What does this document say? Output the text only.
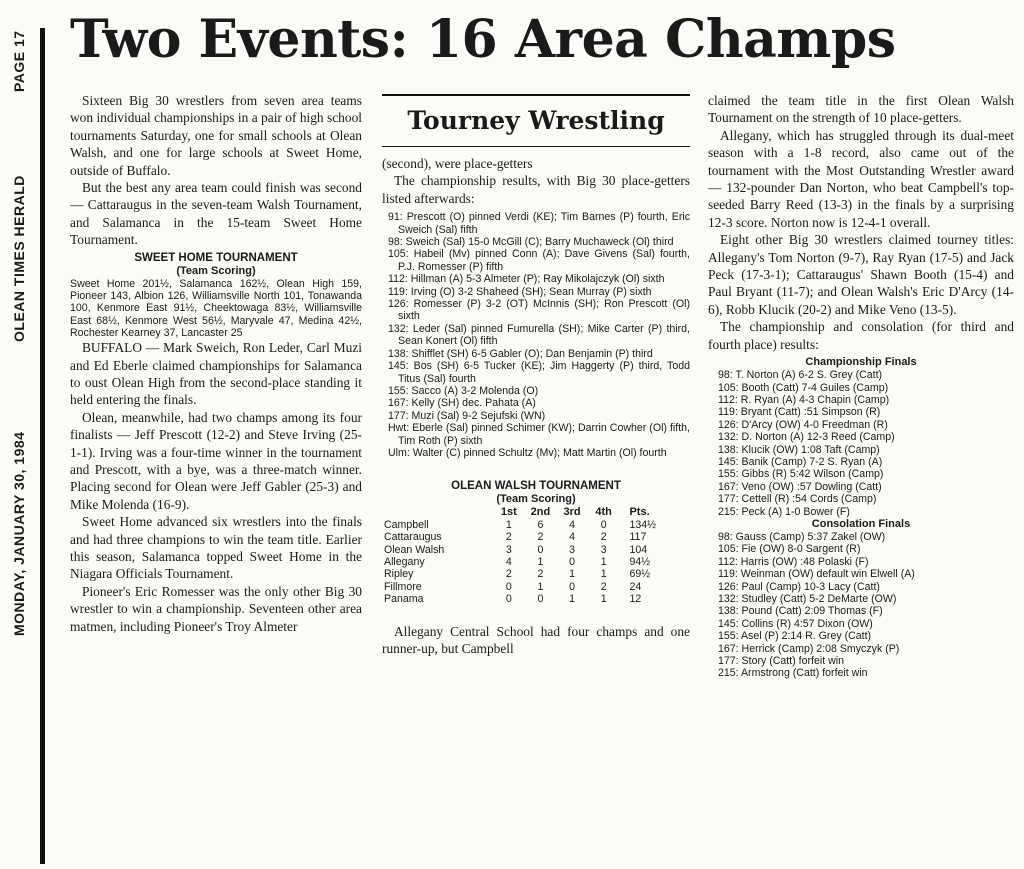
PAGE 17
OLEAN TIMES HERALD
MONDAY, JANUARY 30, 1984
Two Events: 16 Area Champs

Sixteen Big 30 wrestlers from seven area teams won individual championships in a pair of high school tournaments Saturday, one for small schools at Olean Walsh, and one for large schools at Sweet Home, outside of Buffalo.

But the best any area team could finish was second — Cattaraugus in the seven-team Walsh Tournament, and Salamanca in the 15-team Sweet Home Tournament.

SWEET HOME TOURNAMENT
(Team Scoring)

Sweet Home 201½, Salamanca 162½, Olean High 159, Pioneer 143, Albion 126, Williamsville North 101, Tonawanda 100, Kenmore East 91½, Cheektowaga 83½, Williamsville East 68½, Kenmore West 56½, Maryvale 47, Medina 42½, Rochester Kearney 37, Lancaster 25

BUFFALO — Mark Sweich, Ron Leder, Carl Muzi and Ed Eberle claimed championships for Salamanca to oust Olean High from the second-place standing it held entering the finals.

Olean, meanwhile, had two champs among its four finalists — Jeff Prescott (12-2) and Steve Irving (25-1-1). Irving was a four-time winner in the tournament and Prescott, with a bye, was a three-match winner. Placing second for Olean were Jeff Gabler (25-3) and Mike Molenda (16-9).

Sweet Home advanced six wrestlers into the finals and had three champions to win the team title. Earlier this season, Salamanca topped Sweet Home in the Niagara Officials Tournament.

Pioneer's Eric Romesser was the only other Big 30 wrestler to win a championship. Seventeen other area matmen, including Pioneer's Troy Almeter

Tourney Wrestling

(second), were place-getters

The championship results, with Big 30 place-getters listed afterwards:

91: Prescott (O) pinned Verdi (KE); Tim Barnes (P) fourth, Eric Sweich (Sal) fifth

98: Sweich (Sal) 15-0 McGill (C); Barry Muchaweck (Ol) third

105: Habeil (Mv) pinned Conn (A); Dave Givens (Sal) fourth, P.J. Romesser (P) fifth

112: Hillman (A) 5-3 Almeter (P); Ray Mikolajczyk (Ol) sixth

119: Irving (O) 3-2 Shaheed (SH); Sean Murray (P) sixth

126: Romesser (P) 3-2 (OT) McInnis (SH); Ron Prescott (Ol) sixth

132: Leder (Sal) pinned Fumurella (SH); Mike Carter (P) third, Sean Konert (Ol) fifth

138: Shifflet (SH) 6-5 Gabler (O); Dan Benjamin (P) third

145: Bos (SH) 6-5 Tucker (KE); Jim Haggerty (P) third, Todd Titus (Sal) fourth

155: Sacco (A) 3-2 Molenda (O)

167: Kelly (SH) dec. Pahata (A)

177: Muzi (Sal) 9-2 Sejufski (WN)

Hwt: Eberle (Sal) pinned Schimer (KW); Darrin Cowher (Ol) fifth, Tim Roth (P) sixth

Ulm: Walter (C) pinned Schultz (Mv); Matt Martin (Ol) fourth

OLEAN WALSH TOURNAMENT
(Team Scoring)
	1st	2nd	3rd	4th	Pts.
Campbell	1	6	4	0	134½
Cattaraugus	2	2	4	2	117
Olean Walsh	3	0	3	3	104
Allegany	4	1	0	1	94½
Ripley	2	2	1	1	69½
Fillmore	0	1	0	2	24
Panama	0	0	1	1	12

Allegany Central School had four champs and one runner-up, but Campbell

claimed the team title in the first Olean Walsh Tournament on the strength of 10 place-getters.

Allegany, which has struggled through its dual-meet season with a 1-8 record, also came out of the tournament with the Most Outstanding Wrestler award — 132-pounder Dan Norton, who beat Campbell's top-seeded Barry Reed (13-3) in the finals by a surprising 12-3 score. Norton now is 12-4-1 overall.

Eight other Big 30 wrestlers claimed tourney titles: Allegany's Tom Norton (9-7), Ray Ryan (17-5) and Jack Peck (17-3-1); Cattaraugus' Shawn Booth (15-4) and Paul Bryant (11-7); and Olean Walsh's Eric D'Arcy (14-6), Robb Klucik (20-2) and Mike Veno (13-5).

The championship and consolation (for third and fourth place) results:

Championship Finals

98: T. Norton (A) 6-2 S. Grey (Catt)

105: Booth (Catt) 7-4 Guiles (Camp)

112: R. Ryan (A) 4-3 Chapin (Camp)

119: Bryant (Catt) :51 Simpson (R)

126: D'Arcy (OW) 4-0 Freedman (R)

132: D. Norton (A) 12-3 Reed (Camp)

138: Klucik (OW) 1:08 Taft (Camp)

145: Banik (Camp) 7-2 S. Ryan (A)

155: Gibbs (R) 5:42 Wilson (Camp)

167: Veno (OW) :57 Dowling (Catt)

177: Cettell (R) :54 Cords (Camp)

215: Peck (A) 1-0 Bower (F)

Consolation Finals

98: Gauss (Camp) 5:37 Zakel (OW)

105: Fie (OW) 8-0 Sargent (R)

112: Harris (OW) :48 Polaski (F)

119: Weinman (OW) default win Elwell (A)

126: Paul (Camp) 10-3 Lacy (Catt)

132: Studley (Catt) 5-2 DeMarte (OW)

138: Pound (Catt) 2:09 Thomas (F)

145: Collins (R) 4:57 Dixon (OW)

155: Asel (P) 2:14 R. Grey (Catt)

167: Herrick (Camp) 2:08 Smyczyk (P)

177: Story (Catt) forfeit win

215: Armstrong (Catt) forfeit win
